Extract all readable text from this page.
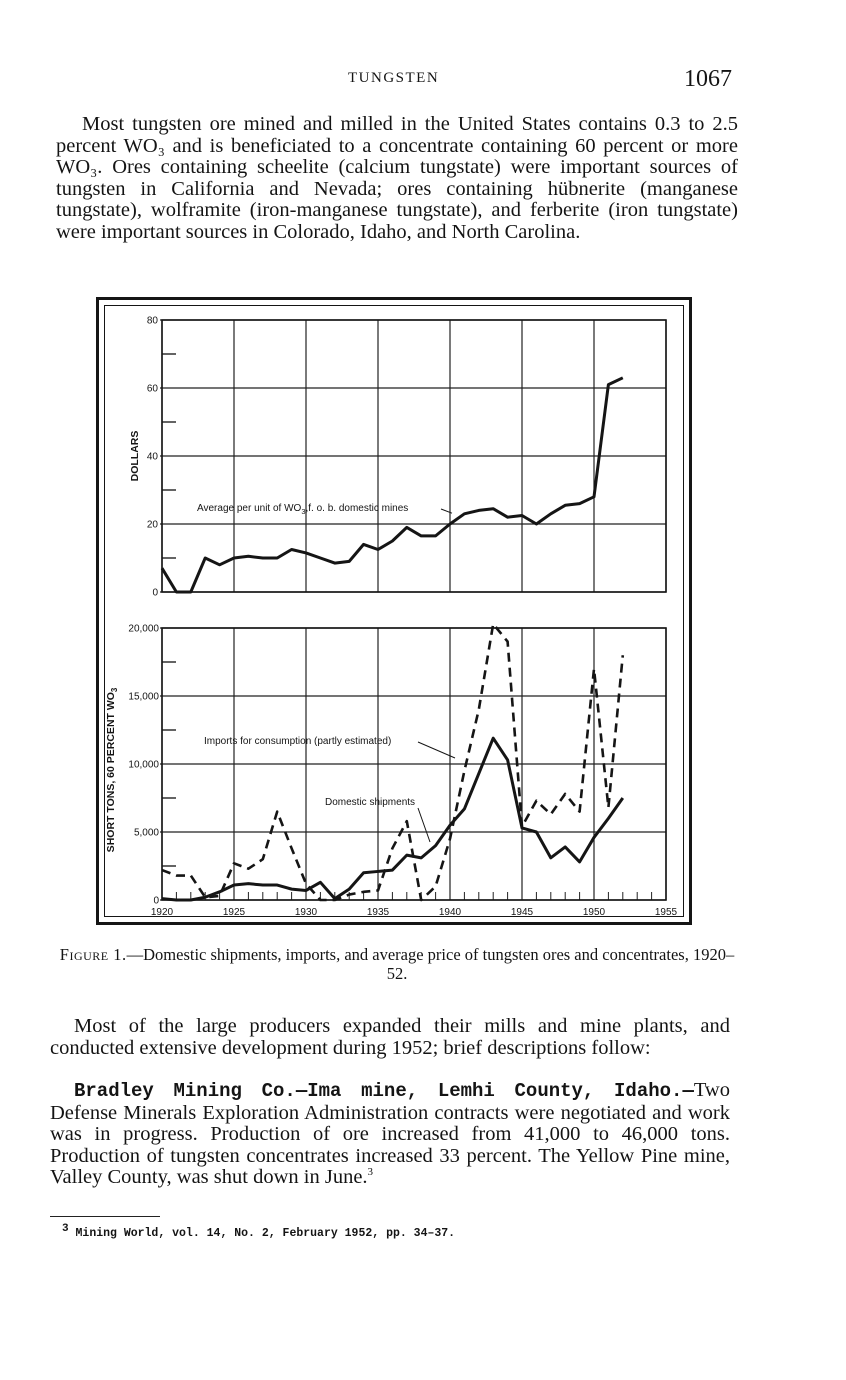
TUNGSTEN	1067

Most tungsten ore mined and milled in the United States contains 0.3 to 2.5 percent WO₃ and is beneficiated to a concentrate containing 60 percent or more WO₃. Ores containing scheelite (calcium tungstate) were important sources of tungsten in California and Nevada; ores containing hübnerite (manganese tungstate), wolframite (iron-manganese tungstate), and ferberite (iron tungstate) were important sources in Colorado, Idaho, and North Carolina.

0
20
40
60
80
DOLLARS
Average per unit of $WO_3,f$. o. b. domestic mines
0
5,000
10,000
15,000
20,000
1920	1925	1930	1935	1940	1945	1950	1955
SHORT TONS, 60 PERCENT $WO_3$
Imports for consumption (partly estimated)
Domestic shipments
Figure 1.—Domestic shipments, imports, and average price of tungsten ores and concentrates, 1920–52.

Most of the large producers expanded their mills and mine plants, and conducted extensive development during 1952; brief descriptions follow:

Bradley Mining Co.—Ima mine, Lemhi County, Idaho.—Two Defense Minerals Exploration Administration contracts were negotiated and work was in progress. Production of ore increased from 41,000 to 46,000 tons. Production of tungsten concentrates increased 33 percent. The Yellow Pine mine, Valley County, was shut down in June.$^3$

$^3$ Mining World, vol. 14, No. 2, February 1952, pp. 34–37.
